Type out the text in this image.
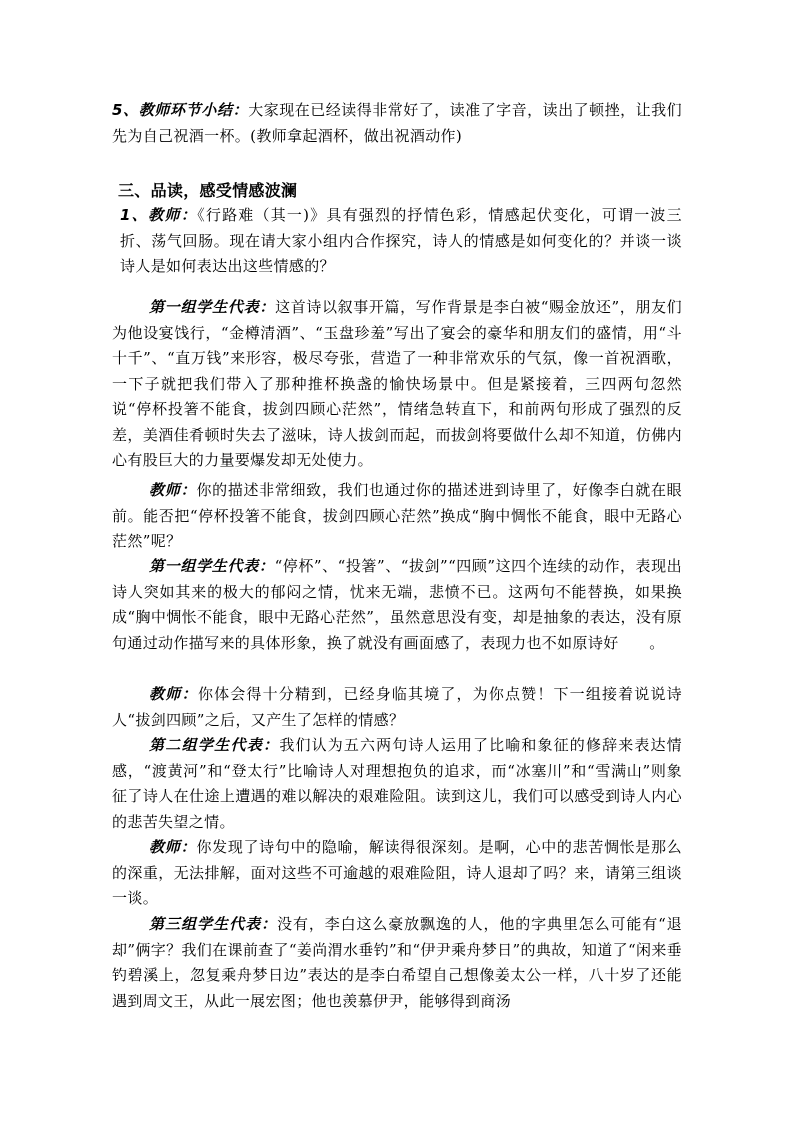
5、教师环节小结：大家现在已经读得非常好了，读准了字音，读出了顿挫，让我们先为自己祝酒一杯。(教师拿起酒杯，做出祝酒动作)

三、品读，感受情感波澜

1、教师：《行路难（其一)》具有强烈的抒情色彩，情感起伏变化，可谓一波三折、荡气回肠。现在请大家小组内合作探究，诗人的情感是如何变化的？并谈一谈诗人是如何表达出这些情感的？

第一组学生代表：这首诗以叙事开篇，写作背景是李白被“赐金放还”，朋友们为他设宴饯行，“金樽清酒”、“玉盘珍羞”写出了宴会的豪华和朋友们的盛情，用“斗十千”、“直万钱”来形容，极尽夸张，营造了一种非常欢乐的气氛，像一首祝酒歌，一下子就把我们带入了那种推杯换盏的愉快场景中。但是紧接着，三四两句忽然说“停杯投箸不能食，拔剑四顾心茫然”，情绪急转直下，和前两句形成了强烈的反差，美酒佳肴顿时失去了滋味，诗人拔剑而起，而拔剑将要做什么却不知道，仿佛内心有股巨大的力量要爆发却无处使力。

教师：你的描述非常细致，我们也通过你的描述进到诗里了，好像李白就在眼前。能否把“停杯投箸不能食，拔剑四顾心茫然”换成“胸中惆怅不能食，眼中无路心茫然”呢？

第一组学生代表：“停杯”、“投箸”、“拔剑”“四顾”这四个连续的动作，表现出诗人突如其来的极大的郁闷之情，忧来无端，悲愤不已。这两句不能替换，如果换成“胸中惆怅不能食，眼中无路心茫然”，虽然意思没有变，却是抽象的表达，没有原句通过动作描写来的具体形象，换了就没有画面感了，表现力也不如原诗好　　。

教师：你体会得十分精到，已经身临其境了，为你点赞！下一组接着说说诗人“拔剑四顾”之后，又产生了怎样的情感？

第二组学生代表：我们认为五六两句诗人运用了比喻和象征的修辞来表达情感，“渡黄河”和“登太行”比喻诗人对理想抱负的追求，而“冰塞川”和“雪满山”则象征了诗人在仕途上遭遇的难以解决的艰难险阻。读到这儿，我们可以感受到诗人内心的悲苦失望之情。

教师：你发现了诗句中的隐喻，解读得很深刻。是啊，心中的悲苦惆怅是那么的深重，无法排解，面对这些不可逾越的艰难险阻，诗人退却了吗？来，请第三组谈一谈。

第三组学生代表：没有，李白这么豪放飘逸的人，他的字典里怎么可能有“退却”俩字？我们在课前查了“姜尚渭水垂钓”和“伊尹乘舟梦日”的典故，知道了“闲来垂钓碧溪上，忽复乘舟梦日边”表达的是李白希望自己想像姜太公一样，八十岁了还能遇到周文王，从此一展宏图；他也羡慕伊尹，能够得到商汤
